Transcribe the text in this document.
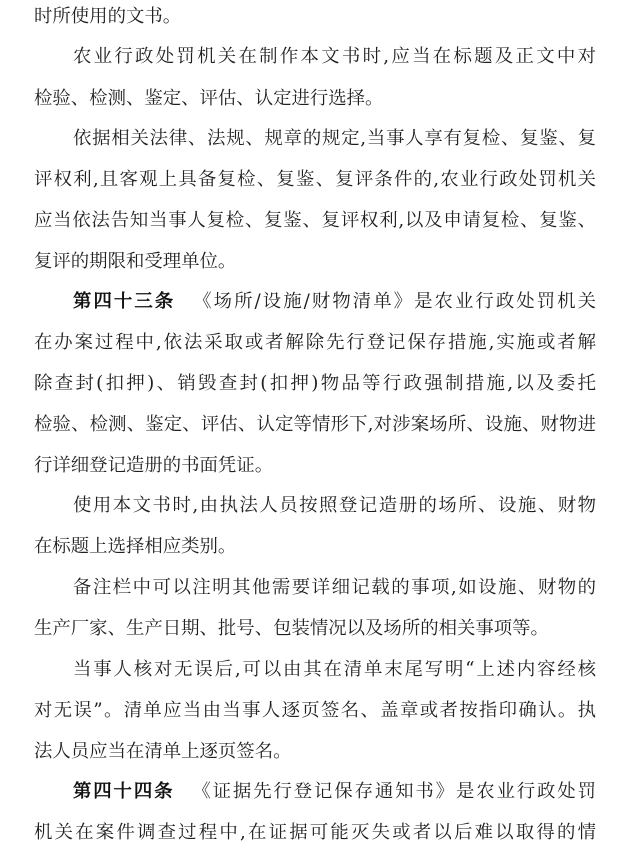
时所使用的文书。
农业行政处罚机关在制作本文书时,应当在标题及正文中对
检验、检测、鉴定、评估、认定进行选择。
依据相关法律、法规、规章的规定,当事人享有复检、复鉴、复
评权利,且客观上具备复检、复鉴、复评条件的,农业行政处罚机关
应当依法告知当事人复检、复鉴、复评权利,以及申请复检、复鉴、
复评的期限和受理单位。
第四十三条 《场所/设施/财物清单》是农业行政处罚机关
在办案过程中,依法采取或者解除先行登记保存措施,实施或者解
除查封(扣押)、销毁查封(扣押)物品等行政强制措施,以及委托
检验、检测、鉴定、评估、认定等情形下,对涉案场所、设施、财物进
行详细登记造册的书面凭证。
使用本文书时,由执法人员按照登记造册的场所、设施、财物
在标题上选择相应类别。
备注栏中可以注明其他需要详细记载的事项,如设施、财物的
生产厂家、生产日期、批号、包装情况以及场所的相关事项等。
当事人核对无误后,可以由其在清单末尾写明“上述内容经核
对无误”。清单应当由当事人逐页签名、盖章或者按指印确认。执
法人员应当在清单上逐页签名。
第四十四条 《证据先行登记保存通知书》是农业行政处罚
机关在案件调查过程中,在证据可能灭失或者以后难以取得的情
